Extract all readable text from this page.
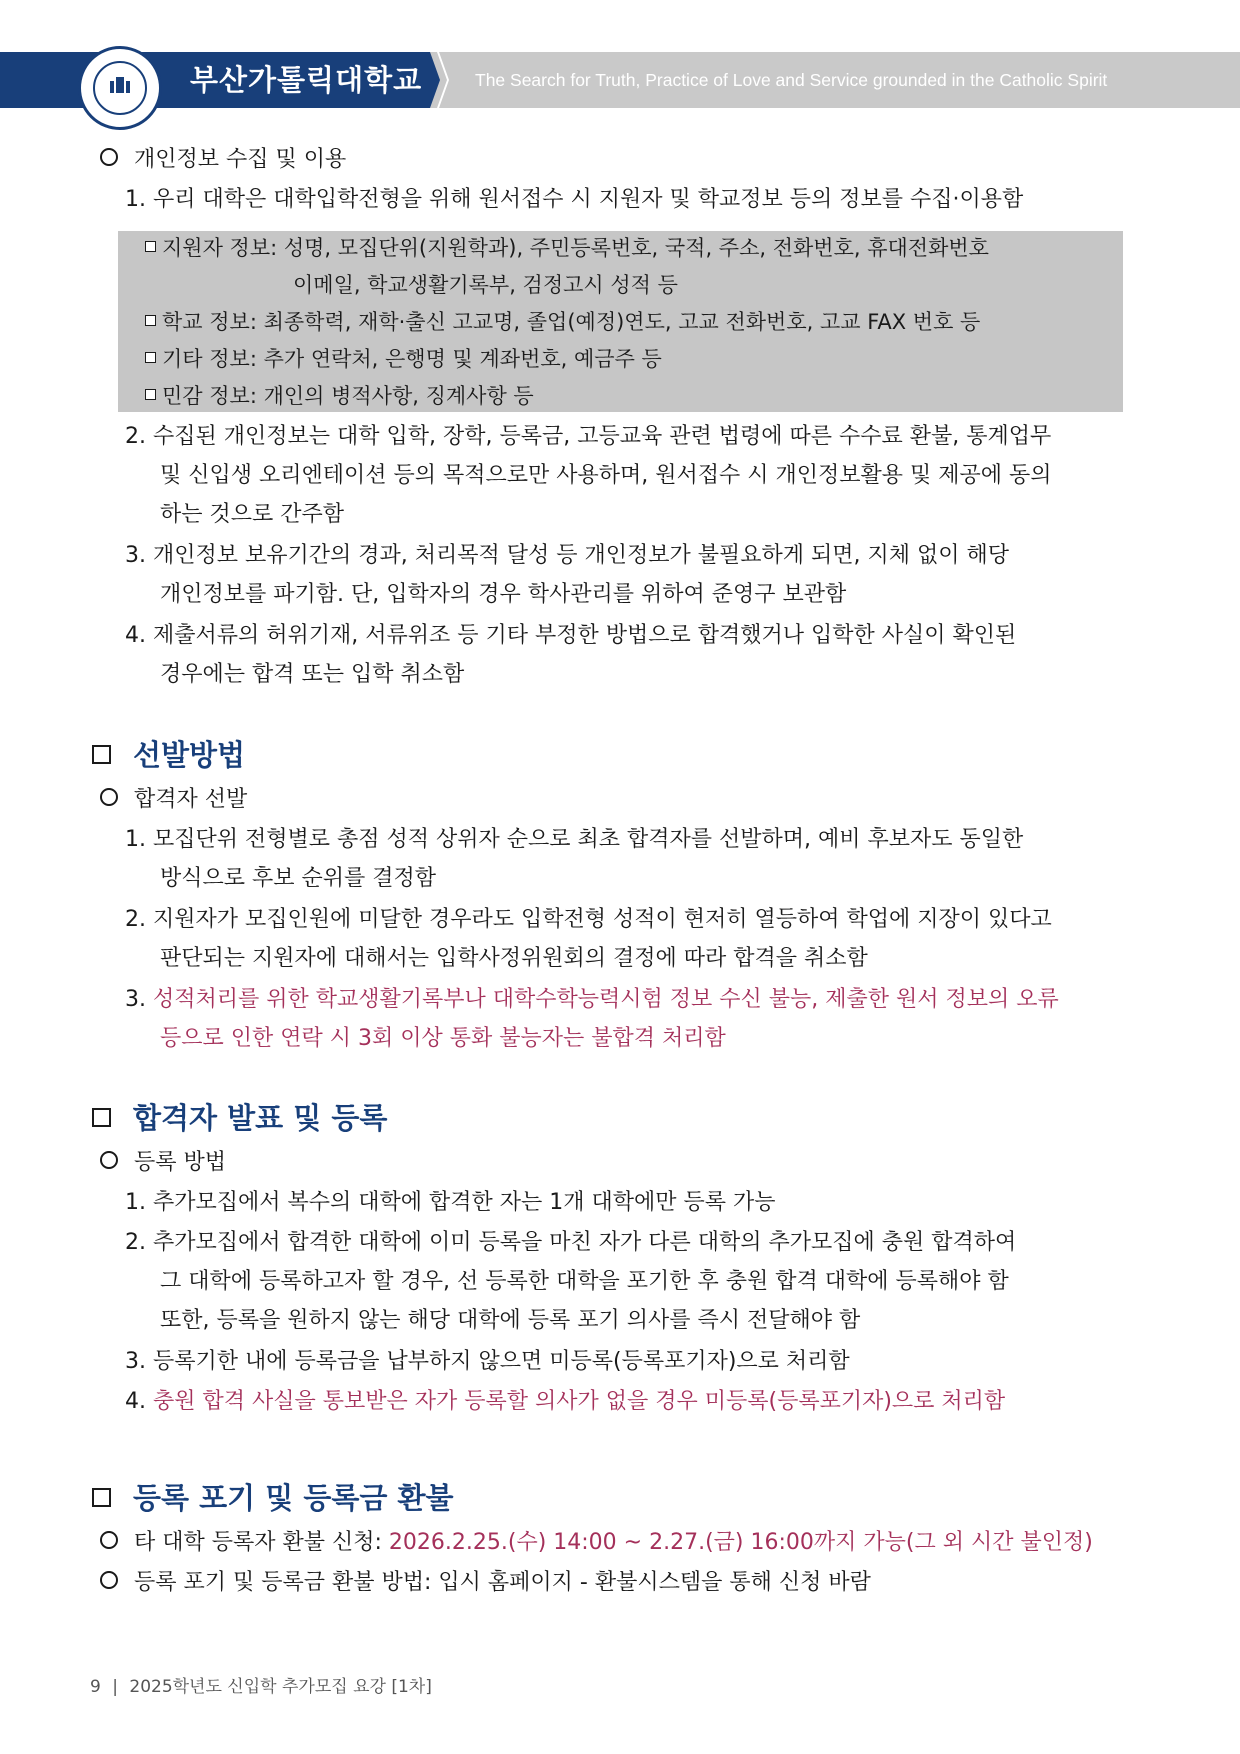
부산가톨릭대학교	The Search for Truth, Practice of Love and Service grounded in the Catholic Spirit
개인정보 수집 및 이용
1. 우리 대학은 대학입학전형을 위해 원서접수 시 지원자 및 학교정보 등의 정보를 수집·이용함
지원자 정보: 성명, 모집단위(지원학과), 주민등록번호, 국적, 주소, 전화번호, 휴대전화번호
이메일, 학교생활기록부, 검정고시 성적 등
학교 정보: 최종학력, 재학·출신 고교명, 졸업(예정)연도, 고교 전화번호, 고교 FAX 번호 등
기타 정보: 추가 연락처, 은행명 및 계좌번호, 예금주 등
민감 정보: 개인의 병적사항, 징계사항 등
2. 수집된 개인정보는 대학 입학, 장학, 등록금, 고등교육 관련 법령에 따른 수수료 환불, 통계업무
및 신입생 오리엔테이션 등의 목적으로만 사용하며, 원서접수 시 개인정보활용 및 제공에 동의
하는 것으로 간주함
3. 개인정보 보유기간의 경과, 처리목적 달성 등 개인정보가 불필요하게 되면, 지체 없이 해당
개인정보를 파기함. 단, 입학자의 경우 학사관리를 위하여 준영구 보관함
4. 제출서류의 허위기재, 서류위조 등 기타 부정한 방법으로 합격했거나 입학한 사실이 확인된
경우에는 합격 또는 입학 취소함
선발방법
합격자 선발
1. 모집단위 전형별로 총점 성적 상위자 순으로 최초 합격자를 선발하며, 예비 후보자도 동일한
방식으로 후보 순위를 결정함
2. 지원자가 모집인원에 미달한 경우라도 입학전형 성적이 현저히 열등하여 학업에 지장이 있다고
판단되는 지원자에 대해서는 입학사정위원회의 결정에 따라 합격을 취소함
3. 성적처리를 위한 학교생활기록부나 대학수학능력시험 정보 수신 불능, 제출한 원서 정보의 오류
등으로 인한 연락 시 3회 이상 통화 불능자는 불합격 처리함
합격자 발표 및 등록
등록 방법
1. 추가모집에서 복수의 대학에 합격한 자는 1개 대학에만 등록 가능
2. 추가모집에서 합격한 대학에 이미 등록을 마친 자가 다른 대학의 추가모집에 충원 합격하여
그 대학에 등록하고자 할 경우, 선 등록한 대학을 포기한 후 충원 합격 대학에 등록해야 함
또한, 등록을 원하지 않는 해당 대학에 등록 포기 의사를 즉시 전달해야 함
3. 등록기한 내에 등록금을 납부하지 않으면 미등록(등록포기자)으로 처리함
4. 충원 합격 사실을 통보받은 자가 등록할 의사가 없을 경우 미등록(등록포기자)으로 처리함
등록 포기 및 등록금 환불
타 대학 등록자 환불 신청: 2026.2.25.(수) 14:00 ~ 2.27.(금) 16:00까지 가능(그 외 시간 불인정)
등록 포기 및 등록금 환불 방법: 입시 홈페이지 - 환불시스템을 통해 신청 바람
9 | 2025학년도 신입학 추가모집 요강 [1차]
